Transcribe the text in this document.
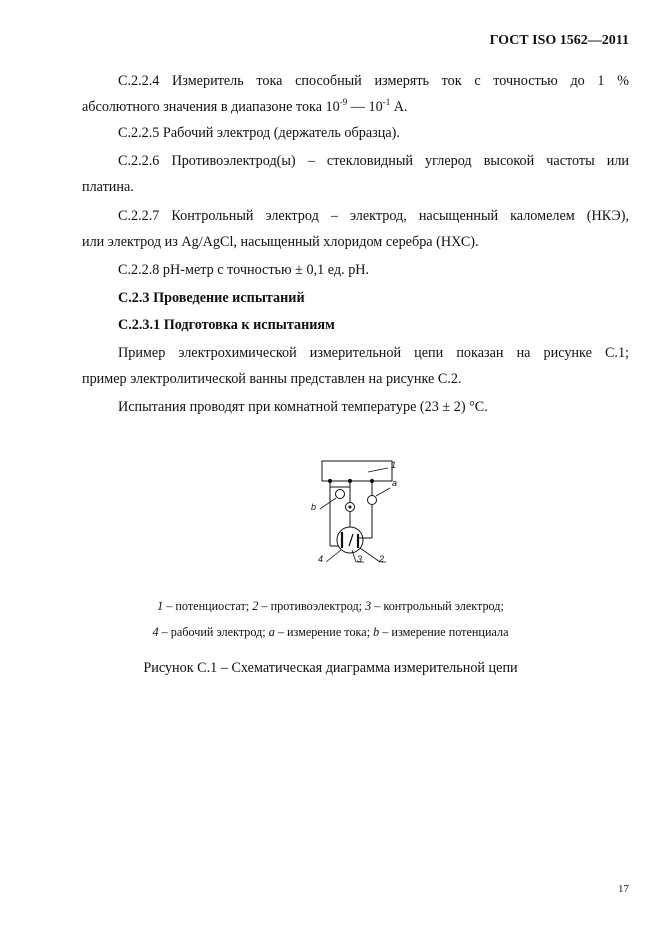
ГОСТ ISO 1562—2011

С.2.2.4 Измеритель тока способный измерять ток с точностью до 1 %

абсолютного значения в диапазоне тока $10^{-9}$ — $10^{-1}$ А.

С.2.2.5 Рабочий электрод (держатель образца).

С.2.2.6 Противоэлектрод(ы) – стекловидный углерод высокой частоты или

платина.

С.2.2.7 Контрольный электрод – электрод, насыщенный каломелем (НКЭ),

или электрод из Ag/AgCl, насыщенный хлоридом серебра (НХС).

С.2.2.8 pH-метр с точностью ± 0,1 ед. pH.

С.2.3 Проведение испытаний

С.2.3.1 Подготовка к испытаниям

Пример электрохимической измерительной цепи показан на рисунке С.1;

пример электролитической ванны представлен на рисунке С.2.

Испытания проводят при комнатной температуре (23 ± 2) °С.

1
a
b
4	3 2
1 – потенциостат; 2 – противоэлектрод; 3 – контрольный электрод;
4 – рабочий электрод; a – измерение тока; b – измерение потенциала
Рисунок С.1 – Схематическая диаграмма измерительной цепи
17
